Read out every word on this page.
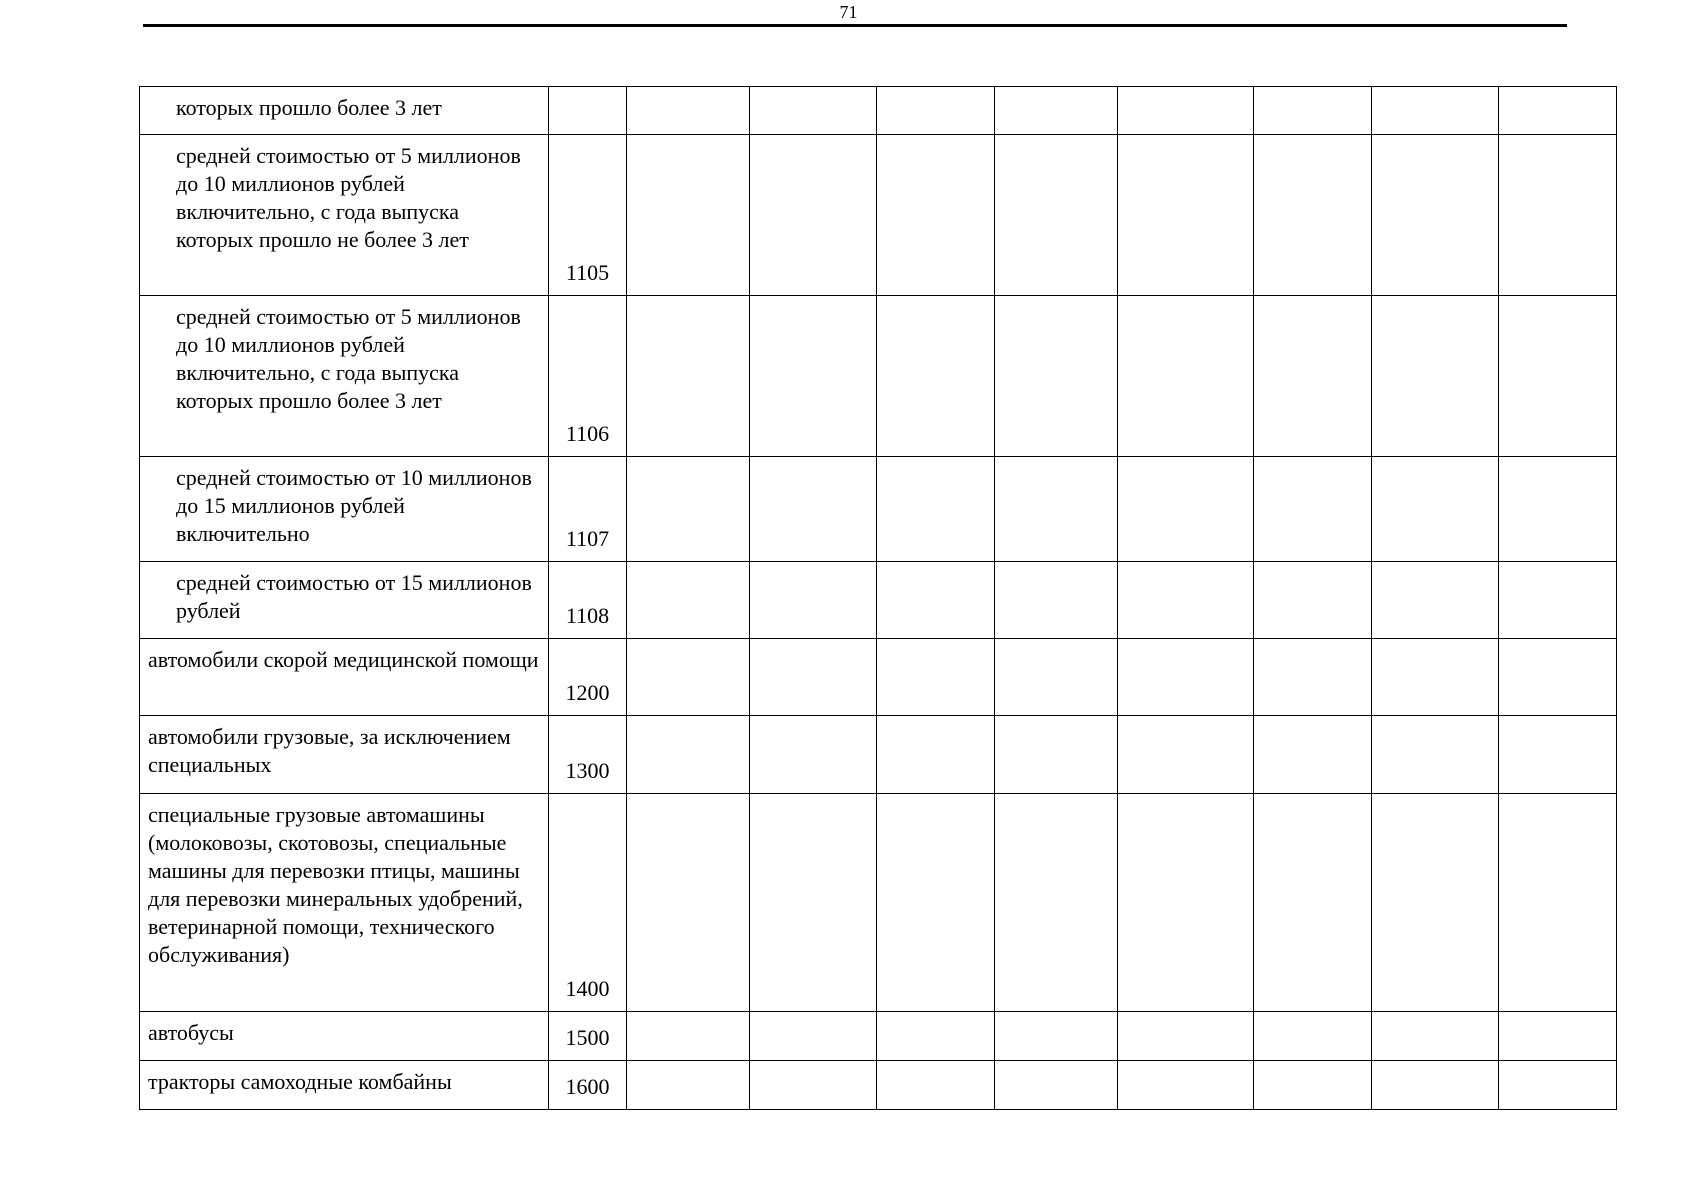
71
которых прошло более 3 лет									
средней стоимостью от 5 миллионов до 10 миллионов рублей включительно, с года выпуска которых прошло не более 3 лет	1105								
средней стоимостью от 5 миллионов до 10 миллионов рублей включительно, с года выпуска которых прошло более 3 лет	1106								
средней стоимостью от 10 миллионов до 15 миллионов рублей включительно	1107								
средней стоимостью от 15 миллионов рублей	1108								
автомобили скорой медицинской помощи	1200								
автомобили грузовые, за исключением специальных	1300								
специальные грузовые автомашины (молоковозы, скотовозы, специальные машины для перевозки птицы, машины для перевозки минеральных удобрений, ветеринарной помощи, технического обслуживания)	1400								
автобусы	1500								
тракторы самоходные комбайны	1600								
